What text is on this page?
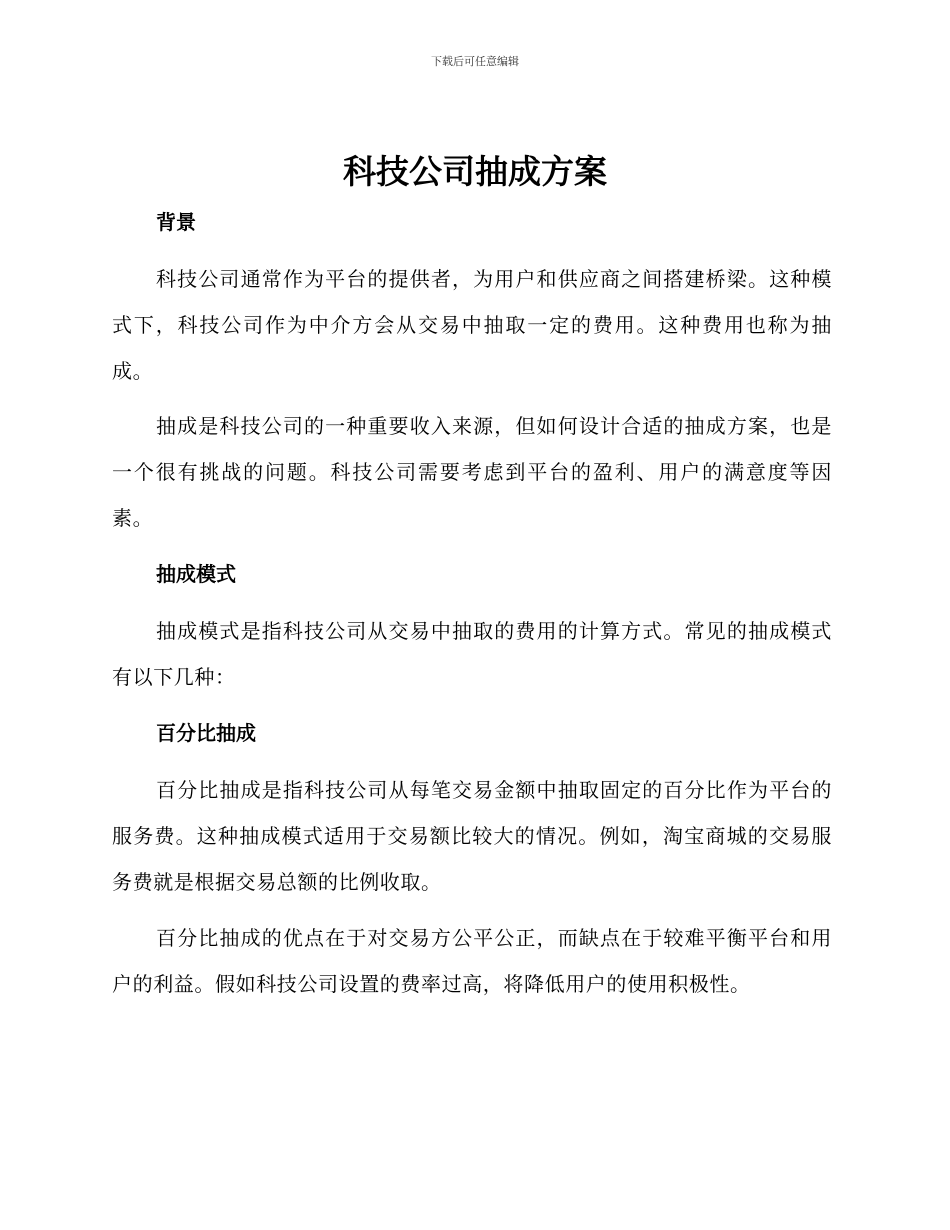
下载后可任意编辑
科技公司抽成方案
背景

科技公司通常作为平台的提供者，为用户和供应商之间搭建桥梁。这种模式下，科技公司作为中介方会从交易中抽取一定的费用。这种费用也称为抽成。

抽成是科技公司的一种重要收入来源，但如何设计合适的抽成方案，也是一个很有挑战的问题。科技公司需要考虑到平台的盈利、用户的满意度等因素。

抽成模式

抽成模式是指科技公司从交易中抽取的费用的计算方式。常见的抽成模式有以下几种：

百分比抽成

百分比抽成是指科技公司从每笔交易金额中抽取固定的百分比作为平台的服务费。这种抽成模式适用于交易额比较大的情况。例如，淘宝商城的交易服务费就是根据交易总额的比例收取。

百分比抽成的优点在于对交易方公平公正，而缺点在于较难平衡平台和用户的利益。假如科技公司设置的费率过高，将降低用户的使用积极性。
